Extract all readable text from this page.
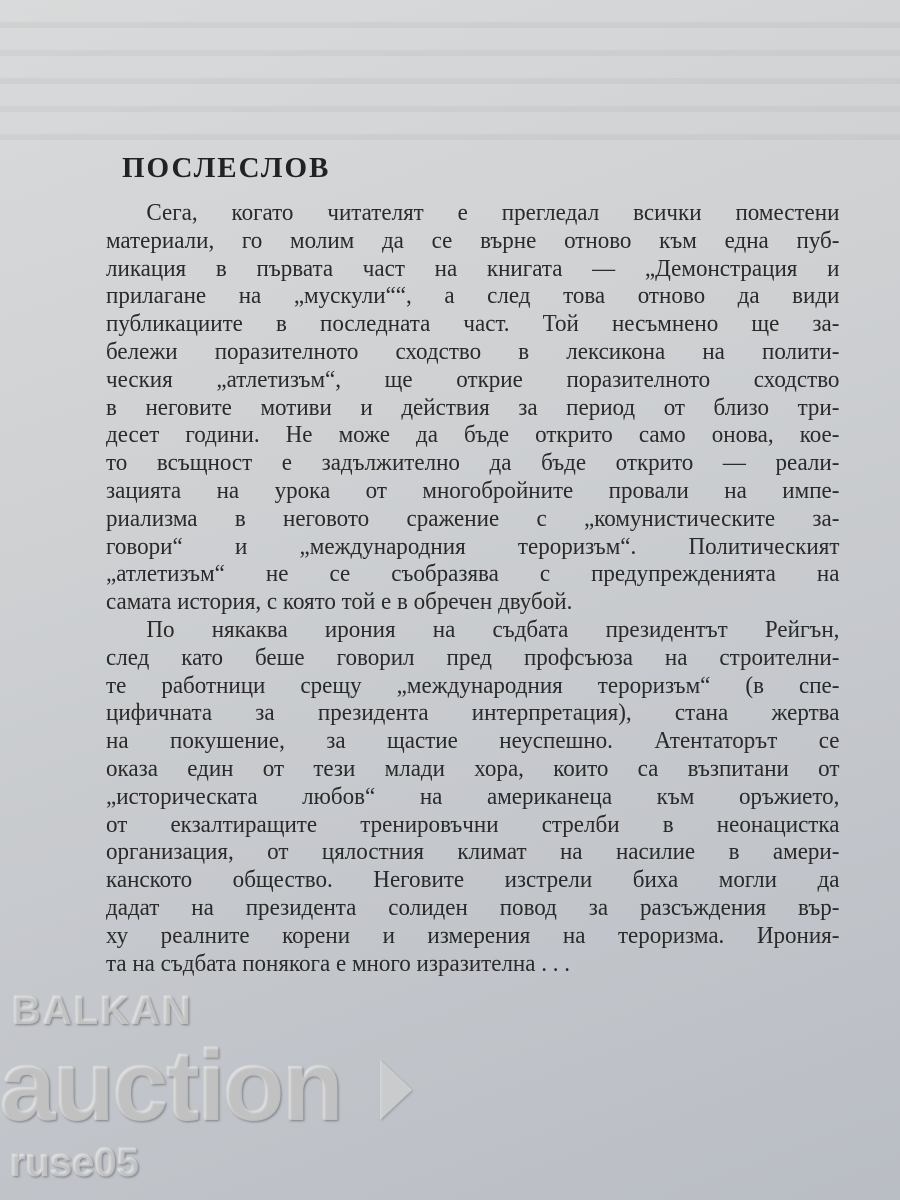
ПОСЛЕСЛОВ
Сега, когато читателят е прегледал всички поместени
материали, го молим да се върне отново към една пуб-
ликация в първата част на книгата — „Демонстрация и
прилагане на „мускули““, а след това отново да види
публикациите в последната част. Той несъмнено ще за-
бележи поразителното сходство в лексикона на полити-
ческия „атлетизъм“, ще открие поразителното сходство
в неговите мотиви и действия за период от близо три-
десет години. Не може да бъде открито само онова, кое-
то всъщност е задължително да бъде открито — реали-
зацията на урока от многобройните провали на импе-
риализма в неговото сражение с „комунистическите за-
говори“ и „международния тероризъм“. Политическият
„атлетизъм“ не се съобразява с предупрежденията на
самата история, с която той е в обречен двубой.
По някаква ирония на съдбата президентът Рейгън,
след като беше говорил пред профсъюза на строителни-
те работници срещу „международния тероризъм“ (в спе-
цифичната за президента интерпретация), стана жертва
на покушение, за щастие неуспешно. Атентаторът се
оказа един от тези млади хора, които са възпитани от
„историческата любов“ на американеца към оръжието,
от екзалтиращите тренировъчни стрелби в неонацистка
организация, от цялостния климат на насилие в амери-
канското общество. Неговите изстрели биха могли да
дадат на президента солиден повод за разсъждения вър-
ху реалните корени и измерения на тероризма. Ирония-
та на съдбата понякога е много изразителна . . .
BALKAN
auction
ruse05
